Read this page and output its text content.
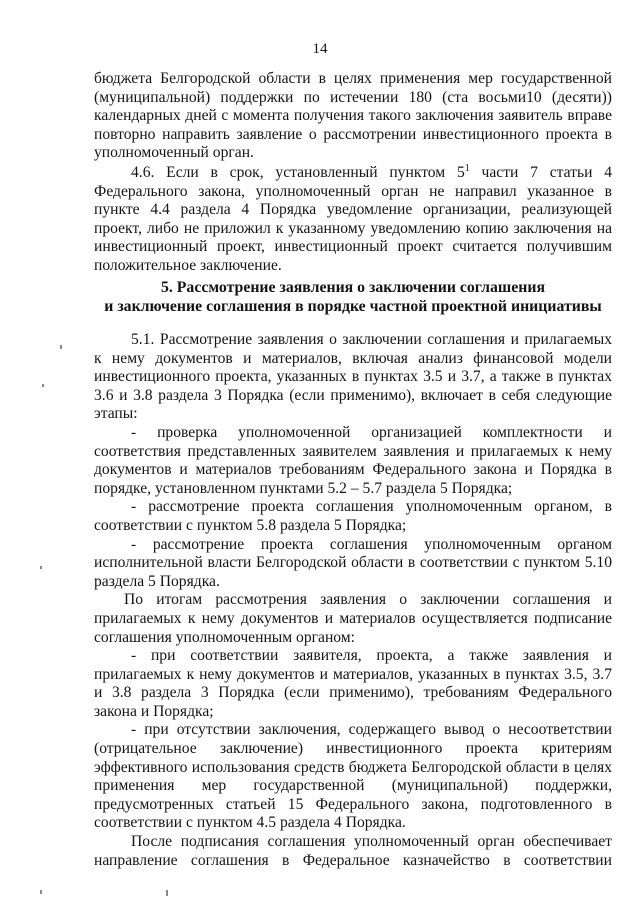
14

бюджета Белгородской области в целях применения мер государственной (муниципальной) поддержки по истечении 180 (ста восьми10 (десяти)) календарных дней с момента получения такого заключения заявитель вправе повторно направить заявление о рассмотрении инвестиционного проекта в уполномоченный орган.

4.6. Если в срок, установленный пунктом $5^1$ части 7 статьи 4 Федерального закона, уполномоченный орган не направил указанное в пункте 4.4 раздела 4 Порядка уведомление организации, реализующей проект, либо не приложил к указанному уведомлению копию заключения на инвестиционный проект, инвестиционный проект считается получившим положительное заключение.

5. Рассмотрение заявления о заключении соглашения
и заключение соглашения в порядке частной проектной инициативы

5.1. Рассмотрение заявления о заключении соглашения и прилагаемых к нему документов и материалов, включая анализ финансовой модели инвестиционного проекта, указанных в пунктах 3.5 и 3.7, а также в пунктах 3.6 и 3.8 раздела 3 Порядка (если применимо), включает в себя следующие этапы:

- проверка уполномоченной организацией комплектности и соответствия представленных заявителем заявления и прилагаемых к нему документов и материалов требованиям Федерального закона и Порядка в порядке, установленном пунктами 5.2 – 5.7 раздела 5 Порядка;

- рассмотрение проекта соглашения уполномоченным органом, в соответствии с пунктом 5.8 раздела 5 Порядка;

- рассмотрение проекта соглашения уполномоченным органом исполнительной власти Белгородской области в соответствии с пунктом 5.10 раздела 5 Порядка.

По итогам рассмотрения заявления о заключении соглашения и прилагаемых к нему документов и материалов осуществляется подписание соглашения уполномоченным органом:

- при соответствии заявителя, проекта, а также заявления и прилагаемых к нему документов и материалов, указанных в пунктах 3.5, 3.7 и 3.8 раздела 3 Порядка (если применимо), требованиям Федерального закона и Порядка;

- при отсутствии заключения, содержащего вывод о несоответствии (отрицательное заключение) инвестиционного проекта критериям эффективного использования средств бюджета Белгородской области в целях применения мер государственной (муниципальной) поддержки, предусмотренных статьей 15 Федерального закона, подготовленного в соответствии с пунктом 4.5 раздела 4 Порядка.

После подписания соглашения уполномоченный орган обеспечивает направление соглашения в Федеральное казначейство в соответствии
